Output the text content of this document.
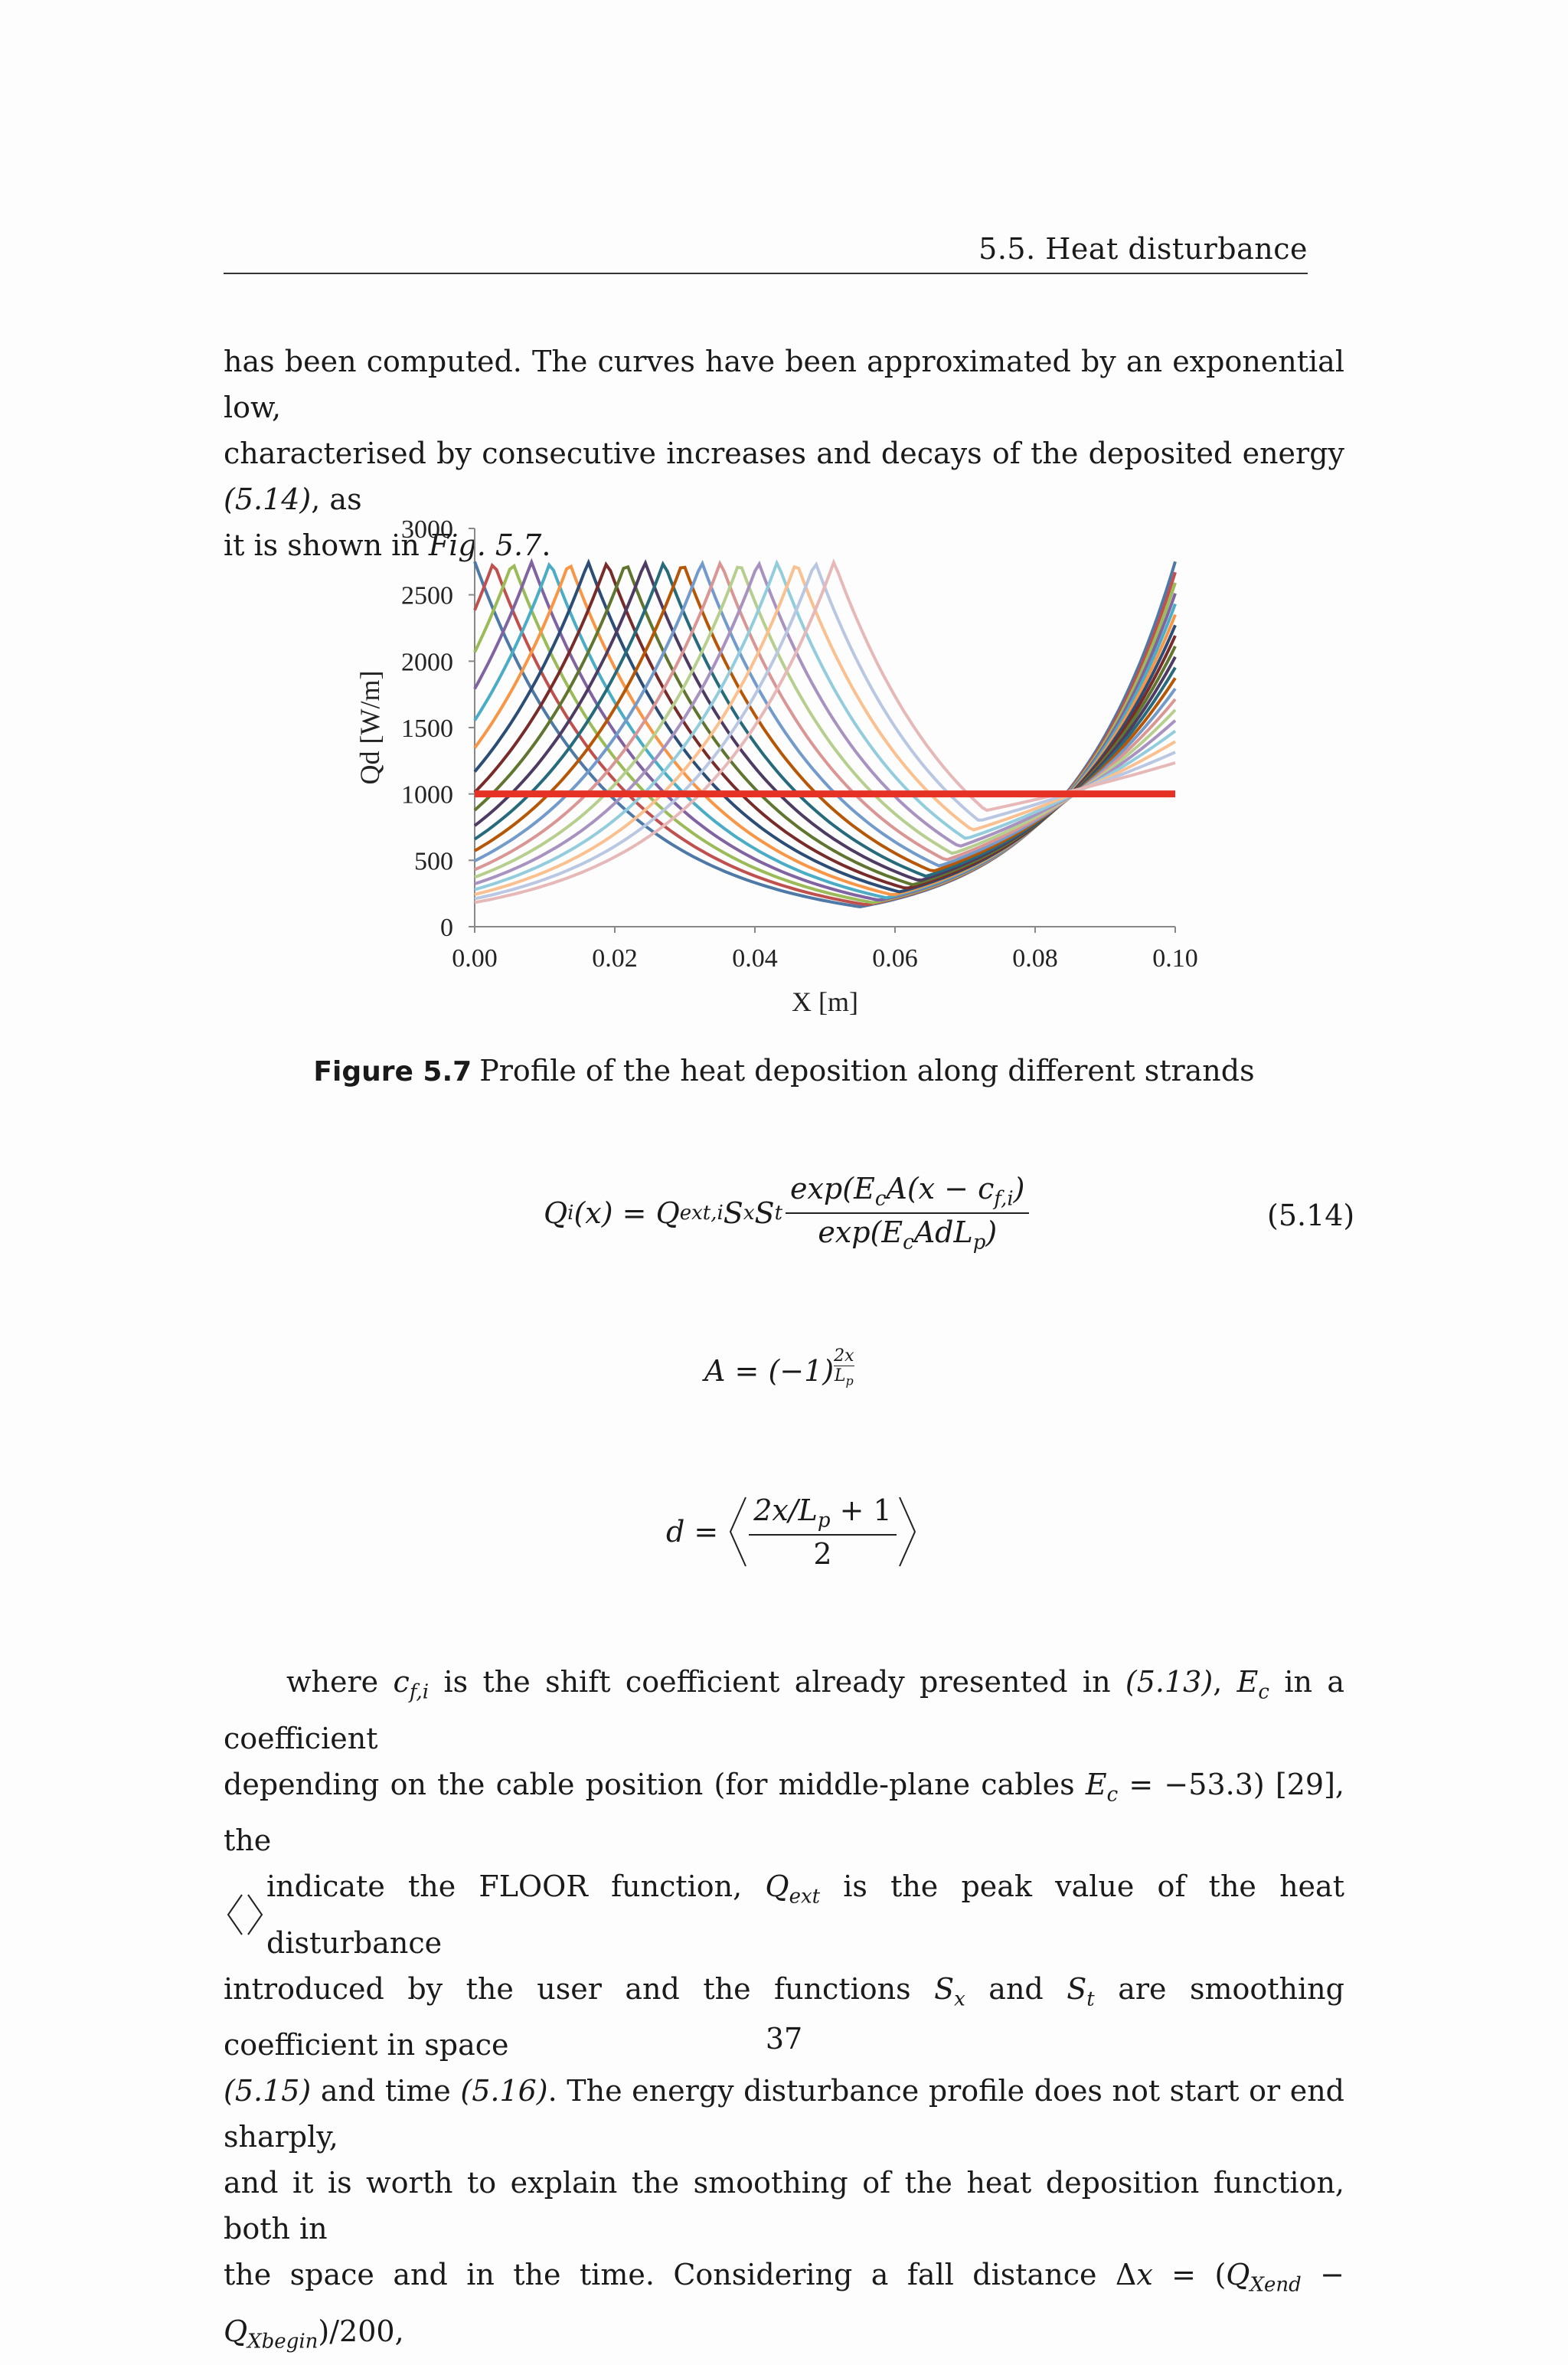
5.5. Heat disturbance
has been computed. The curves have been approximated by an exponential low,
characterised by consecutive increases and decays of the deposited energy (5.14), as
it is shown in Fig. 5.7.
0
500
1000
1500
2000
2500
3000
0.00	0.02	0.04	0.06	0.08	0.10
X [m]
Qd [W/m]
Figure 5.7 Profile of the heat deposition along different strands
Q i (x) = Q ext,i S x S t $\frac{\exp(E_cA(x - c_{f,i})}{\exp(E_cAdL_p)}$	(5.14)
$A = (-1) \frac{2x}{L_p}$
$d = \frac{2x/L_p + 1}{2}$
where $c_{f,i}$ is the shift coefficient already presented in (5.13), $E_c$ in a coefficient
depending on the cable position (for middle-plane cables $E_c = -53.3$) [29], the
indicate the FLOOR function, $Q_{ext}$ is the peak value of the heat disturbance
introduced by the user and the functions $S_x$ and $S_t$ are smoothing coefficient in space
(5.15) and time (5.16). The energy disturbance profile does not start or end sharply,
and it is worth to explain the smoothing of the heat deposition function, both in
the space and in the time. Considering a fall distance $\Delta x = (Q_{Xend} - Q_{Xbegin})/200$,
37
